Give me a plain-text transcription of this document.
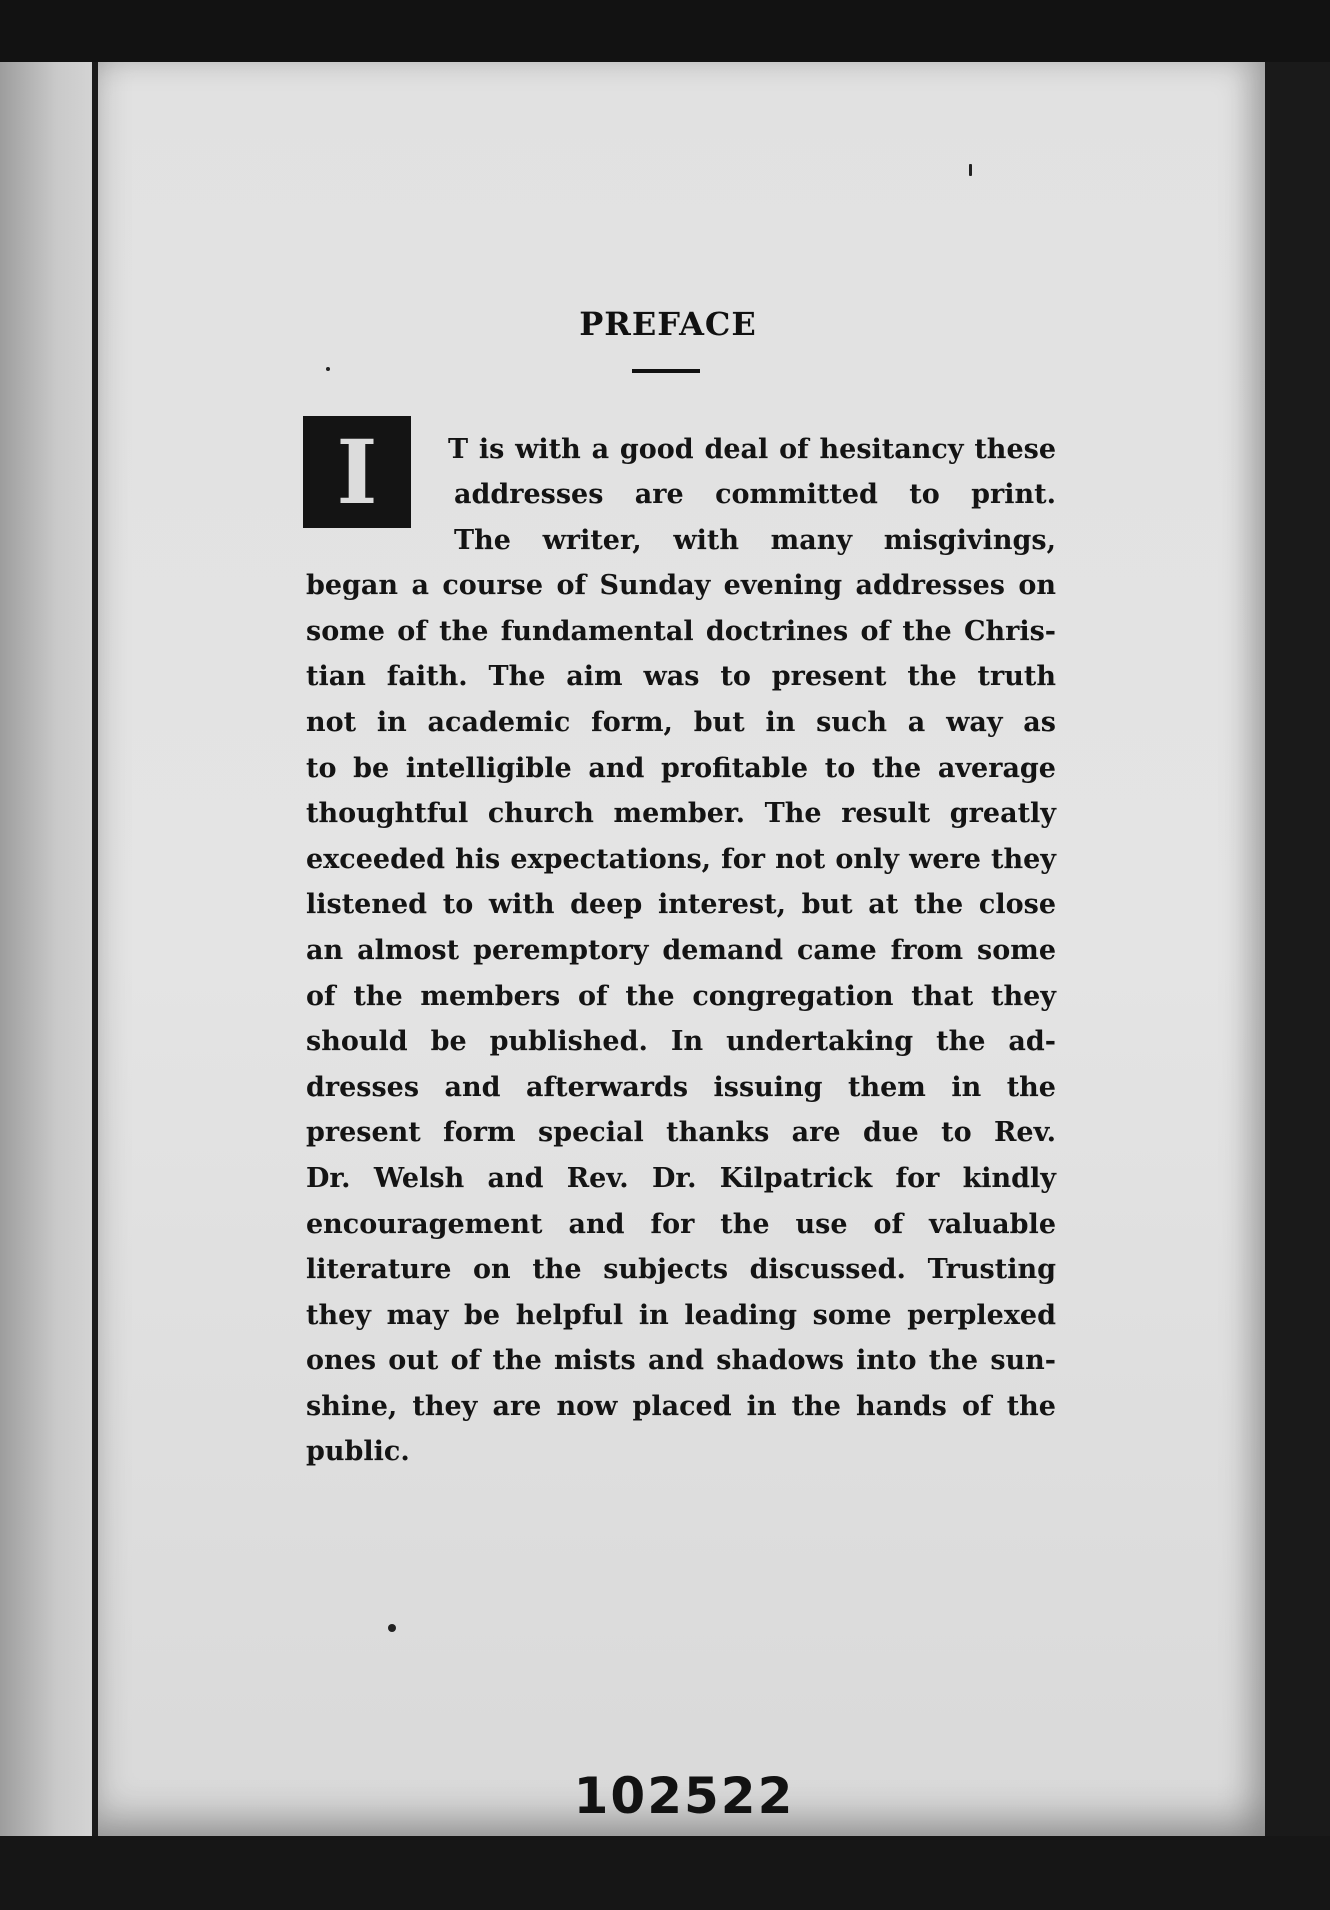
PREFACE
I	T is with a good deal of hesitancy these
addresses are committed to print.
The writer, with many misgivings,
began a course of Sunday evening addresses on
some of the fundamental doctrines of the Chris-
tian faith. The aim was to present the truth
not in academic form, but in such a way as
to be intelligible and profitable to the average
thoughtful church member. The result greatly
exceeded his expectations, for not only were they
listened to with deep interest, but at the close
an almost peremptory demand came from some
of the members of the congregation that they
should be published. In undertaking the ad-
dresses and afterwards issuing them in the
present form special thanks are due to Rev.
Dr. Welsh and Rev. Dr. Kilpatrick for kindly
encouragement and for the use of valuable
literature on the subjects discussed. Trusting
they may be helpful in leading some perplexed
ones out of the mists and shadows into the sun-
shine, they are now placed in the hands of the
public.
102522
